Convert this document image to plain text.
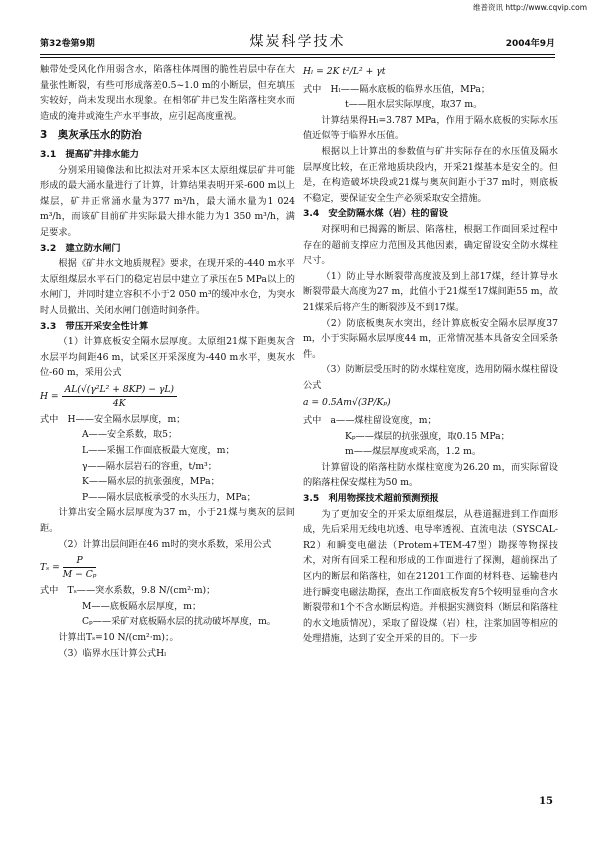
维普资讯 http://www.cqvip.com
第32卷第9期	煤炭科学技术	2004年9月

触带处受风化作用弱含水，陷落柱体周围的脆性岩层中存在大量张性断裂，有些可形成落差0.5~1.0 m的小断层，但充填压实较好，尚未发现出水现象。在相邻矿井已发生陷落柱突水而造成的淹井或淹生产水平事故，应引起高度重视。

3　奥灰承压水的防治

3.1　提高矿井排水能力

分别采用镜像法和比拟法对开采本区太原组煤层矿井可能形成的最大涌水量进行了计算，计算结果表明开采-600 m以上煤层，矿井正常涌水量为377 m³/h，最大涌水量为1 024 m³/h，而该矿目前矿井实际最大排水能力为1 350 m³/h，满足要求。

3.2　建立防水闸门

根据《矿井水文地质规程》要求，在现开采的-440 m水平太原组煤层水平石门的稳定岩层中建立了承压在5 MPa以上的水闸门，并同时建立容积不小于2 050 m³的缓冲水仓，为突水时人员撤出、关闭水闸门创造时间条件。

3.3　带压开采安全性计算

（1）计算底板安全隔水层厚度。太原组21煤下距奥灰含水层平均间距46 m，试采区开采深度为-440 m水平，奥灰水位-60 m，采用公式

$H = \frac{\text{AL(√(γ²L² + 8KP) − γL)}}{4K}$

式中　H——安全隔水层厚度，m；

A——安全系数，取5；

L——采掘工作面底板最大宽度，m；

γ——隔水层岩石的容重，t/m³；

K——隔水层的抗张强度，MPa；

P——隔水层底板承受的水头压力，MPa；

计算出安全隔水层厚度为37 m，小于21煤与奥灰的层间距。

（2）计算出层间距在46 m时的突水系数，采用公式

$T_s = \frac{P}{\text{M − Cₚ}}$

式中　Tₛ——突水系数，9.8 N/(cm²·m)；

M——底板隔水层厚度，m；

Cₚ——采矿对底板隔水层的扰动破坏厚度，m。

计算出Tₛ=10 N/(cm²·m)；。

（3）临界水压计算公式Hₗ

Hₗ = 2K t²/L² + γt

式中　Hₗ——隔水底板的临界水压值，MPa；

t——阻水层实际厚度，取37 m。

计算结果得Hₗ=3.787 MPa，作用于隔水底板的实际水压值近似等于临界水压值。

根据以上计算出的参数值与矿井实际存在的水压值及隔水层厚度比较，在正常地质块段内，开采21煤基本是安全的。但是，在构造破坏块段或21煤与奥灰间距小于37 m时，则底板不稳定，要保证安全生产必须采取安全措施。

3.4　安全防隔水煤（岩）柱的留设

对探明和已揭露的断层、陷落柱，根据工作面回采过程中存在的超前支撑应力范围及其他因素，确定留设安全防水煤柱尺寸。

（1）防止导水断裂带高度波及到上部17煤，经计算导水断裂带最大高度为27 m，此值小于21煤至17煤间距55 m，故21煤采后将产生的断裂涉及不到17煤。

（2）防底板奥灰水突出，经计算底板安全隔水层厚度37 m，小于实际隔水层厚度44 m，正常情况基本具备安全回采条件。

（3）防断层受压时的防水煤柱宽度，选用防隔水煤柱留设公式

a = 0.5Am√(3P/Kₚ)

式中　a——煤柱留设宽度，m；

Kₚ——煤层的抗张强度，取0.15 MPa；

m——煤层厚度或采高，1.2 m。

计算留设的陷落柱防水煤柱宽度为26.20 m，而实际留设的陷落柱保安煤柱为50 m。

3.5　利用物探技术超前预测预报

为了更加安全的开采太原组煤层，从巷道掘进到工作面形成，先后采用无线电坑透、电导率透视、直流电法（SYSCAL-R2）和瞬变电磁法（Protem+TEM-47型）勘探等物探技术，对所有回采工程和形成的工作面进行了探测，超前探出了区内的断层和陷落柱，如在21201工作面的材料巷、运输巷内进行瞬变电磁法勘探，查出工作面底板发育5个较明显垂向含水断裂带和1个不含水断层构造。并根据实测资料（断层和陷落柱的水文地质情况），采取了留设煤（岩）柱，注浆加固等相应的处理措施，达到了安全开采的目的。下一步

15
